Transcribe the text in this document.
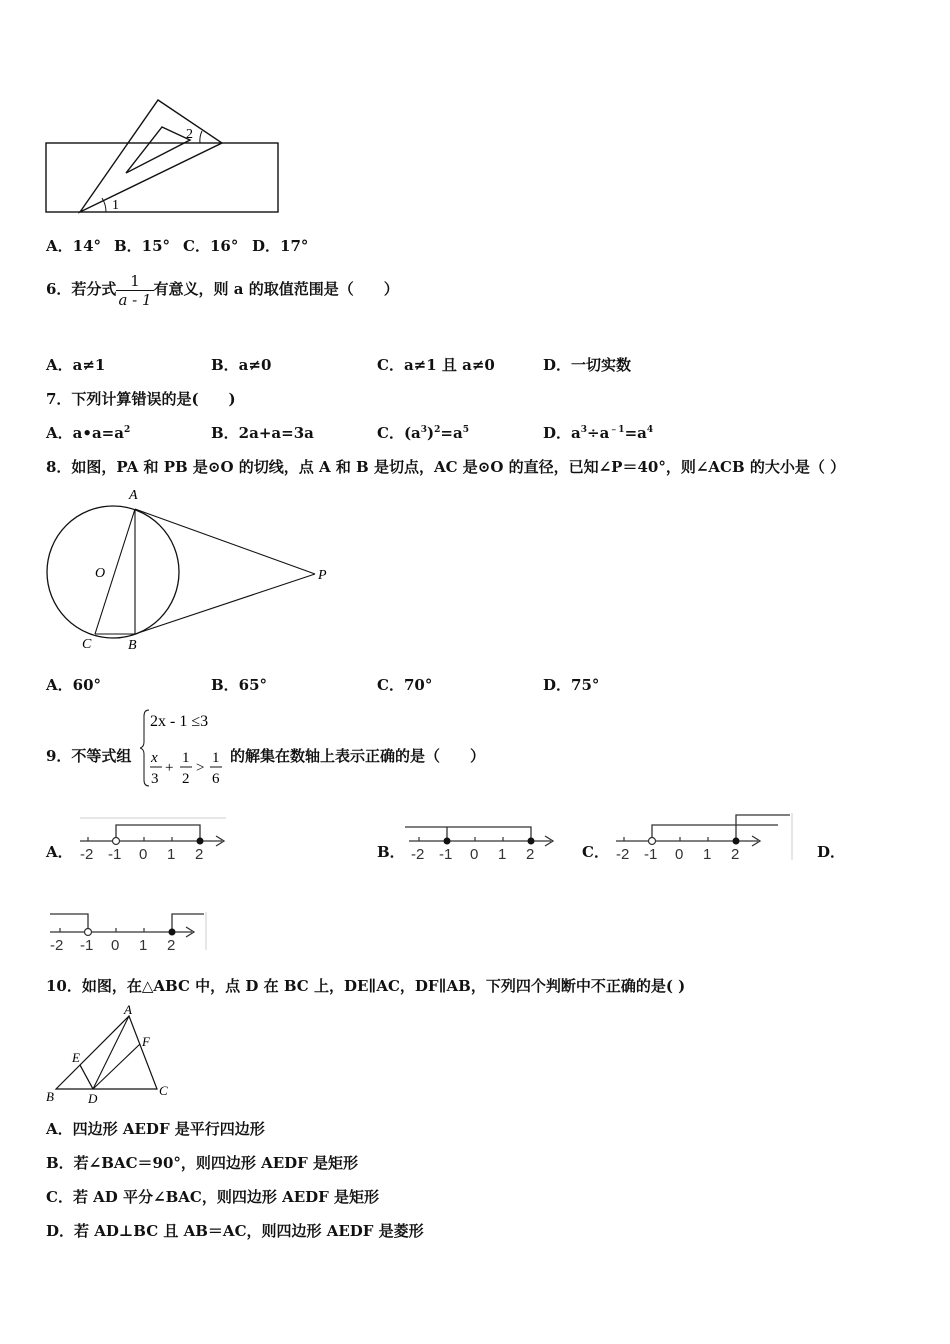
1
2
A．14° B．15° C．16° D．17°
6．若分式 $\frac{1}{a - 1}$ 有意义，则 a 的取值范围是（　　）
A．a≠1	B．a≠0	C．a≠1 且 a≠0	D．一切实数
7．下列计算错误的是(　　)
A．$a•a=a^2$	B．2a+a=3a	C．$(a^3)^2=a^5$	D．$a^3\div a^{﹣1}=a^4$
8．如图，PA 和 PB 是⊙O 的切线，点 A 和 B 是切点，AC 是⊙O 的直径，已知∠P＝40°，则∠ACB 的大小是（ ）
A
O	P
C	B
A．60°	B．65°	C．70°	D．75°
9．不等式组
2x - 1 ≤3
x
3
+
1
2
>
1
6
的解集在数轴上表示正确的是（　　）
A． -2 -1 0 1 2	B． -2 -1 0 1 2	C． -2 -1 0 1 2	D．
-2 -1 0 1 2
10．如图，在△ABC 中，点 D 在 BC 上，DE∥AC，DF∥AB，下列四个判断中不正确的是( )
A
E
F
B	D
C
A．四边形 AEDF 是平行四边形
B．若∠BAC＝90°，则四边形 AEDF 是矩形
C．若 AD 平分∠BAC，则四边形 AEDF 是矩形
D．若 AD⊥BC 且 AB＝AC，则四边形 AEDF 是菱形
